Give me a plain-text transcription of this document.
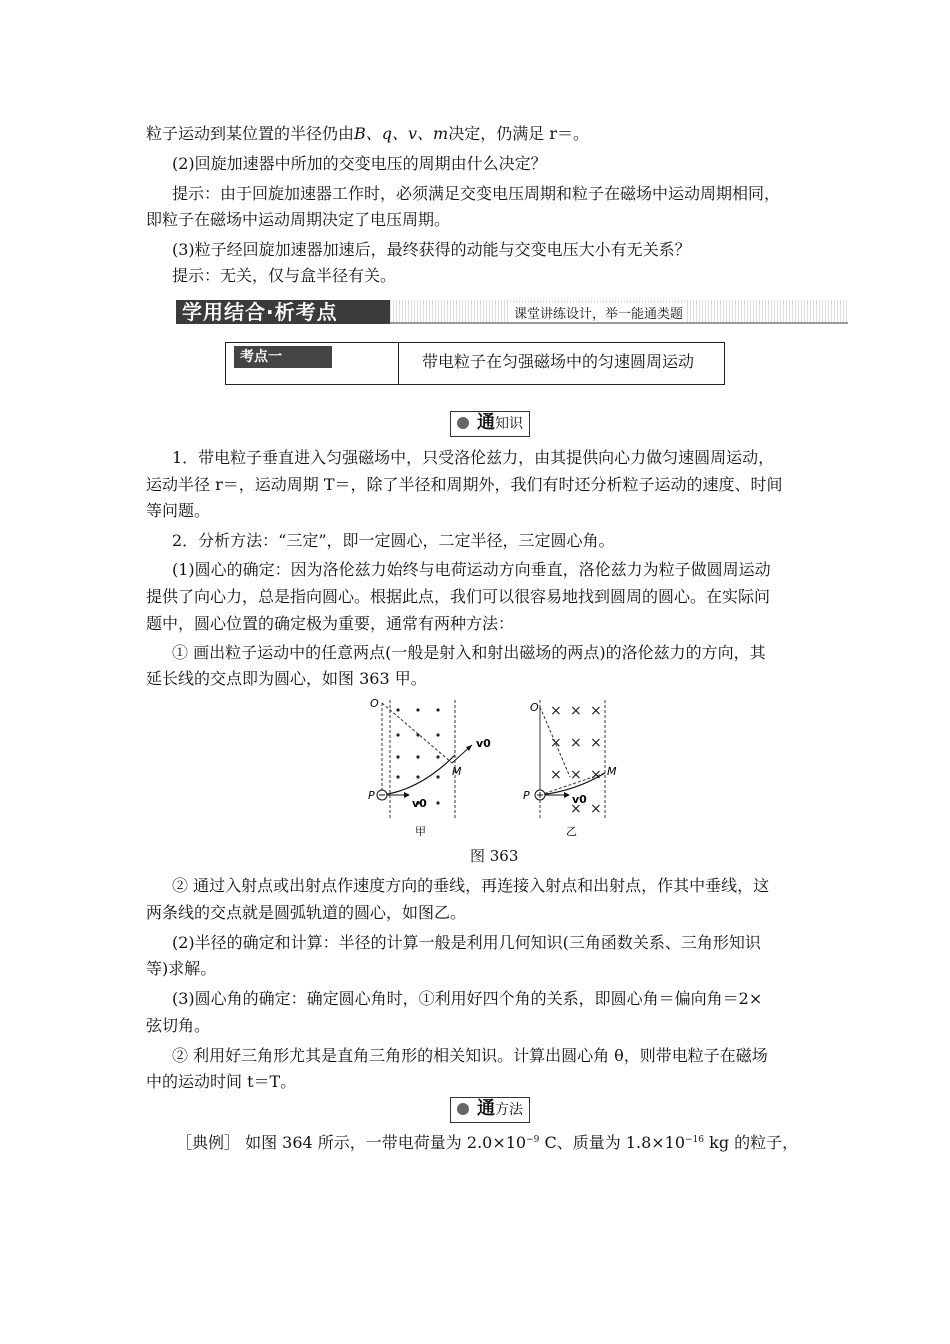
粒子运动到某位置的半径仍由B、q、v、m决定，仍满足 r＝。
(2)回旋加速器中所加的交变电压的周期由什么决定？
提示：由于回旋加速器工作时，必须满足交变电压周期和粒子在磁场中运动周期相同，
即粒子在磁场中运动周期决定了电压周期。
(3)粒子经回旋加速器加速后，最终获得的动能与交变电压大小有无关系？
提示：无关，仅与盒半径有关。
学用结合·析考点	课堂讲练设计，举一能通类题
考点一	带电粒子在匀强磁场中的匀速圆周运动
通知识
1．带电粒子垂直进入匀强磁场中，只受洛伦兹力，由其提供向心力做匀速圆周运动，
运动半径 r＝，运动周期 T＝，除了半径和周期外，我们有时还分析粒子运动的速度、时间
等问题。
2．分析方法：“三定”，即一定圆心，二定半径，三定圆心角。
(1)圆心的确定：因为洛伦兹力始终与电荷运动方向垂直，洛伦兹力为粒子做圆周运动
提供了向心力，总是指向圆心。根据此点，我们可以很容易地找到圆周的圆心。在实际问
题中，圆心位置的确定极为重要，通常有两种方法：
① 画出粒子运动中的任意两点(一般是射入和射出磁场的两点)的洛伦兹力的方向，其
延长线的交点即为圆心，如图 363 甲。
O
P
M
v0
v0
甲
× × ×
× × ×
× × ×
× ×
O
P
M
v0
乙
图 363
② 通过入射点或出射点作速度方向的垂线，再连接入射点和出射点，作其中垂线，这
两条线的交点就是圆弧轨道的圆心，如图乙。
(2)半径的确定和计算：半径的计算一般是利用几何知识(三角函数关系、三角形知识
等)求解。
(3)圆心角的确定：确定圆心角时，①利用好四个角的关系，即圆心角＝偏向角＝2×
弦切角。
② 利用好三角形尤其是直角三角形的相关知识。计算出圆心角 θ，则带电粒子在磁场
中的运动时间 t＝T。
通方法
［典例］ 如图 364 所示，一带电荷量为 $2.0\times 10^{-9}$ C、质量为 $1.8\times 10^{-16}$ kg 的粒子，
